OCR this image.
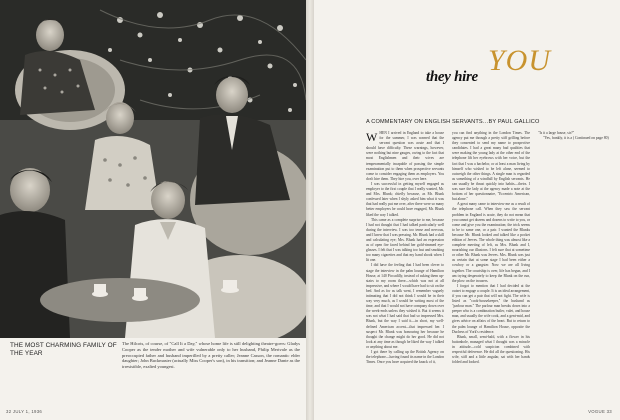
THE MOST CHARMING FAMILY OF THE YEAR
The Hilcots, of course, of "Call It a Day," whose home life is still delighting theatre-goers: Gladys Cooper as the tender mother and wife vulnerable only to her husband, Philip Merivale as the preoccupied father and husband imperilled by a pretty caller; Jeanne Casson, the romantic elder daughter; John Buckmaster (actually Miss Cooper's son), in his transition; and Jeanne Dante as the irresistible, exalted youngest.
32 JULY 1, 1936
they hire YOU
A COMMENTARY ON ENGLISH SERVANTS…BY PAUL GALLICO

WHEN I arrived in England to take a house for the summer, I was warned that the servant question was acute and that I should have difficulty. These warnings, however, were nothing but nine gauges, owing to the fact that most Englishmen and their wives are temperamentally incapable of passing the simple examination put to them when prospective servants come to consider engaging them as employers. You don't hire them. They hire you, over here.

I was successful in getting myself engaged as employer to the first couple that I really wanted, Mr. and Mrs. Blunk; chiefly because, as Mr. Blunk confessed later when I shyly asked him what it was that had really put me over, after there were so many better employers he could have engaged, Mr. Blunk liked the way I talked.

This came as a complete surprise to me, because I had not thought that I had talked particularly well during the interview. I was too tense and nervous, and I knew that I was pressing. Mr. Blunk had a skill and calculating eye; Mrs. Blunk had an expression as of open fire faced behind her gold-rimmed eye-glasses. I felt that I was talking too fast and smoking too many cigarettes and that my hand shook when I lit one.

I did have the feeling that I had been clever to stage the interview in the palm lounge of Hamilton House, at 140 Piccadilly, instead of asking them up-stairs to my room there—which was not at all impressive, and where I would have had to sit on the bed. And as for as talk went, I remember vaguely intimating that I did not think I would be in their way very much, as I would be writing most of the time, and that I would not have company down over the week-ends unless they wished it. But it seems it was not what I had said that had so impressed Mrs. Blunk, but the way I said it—in short, my well-defined American accent—that impressed her. I suspect Mr. Blunk was honouring her because he thought the change might do her good. He did not look at any time as though he liked the way I talked or anything about me.

I got there by calling up the British Agency on the telephone—having found its name in the London Times. Once you have acquired the knack of it,

you can find anything in the London Times. The agency put me through a pretty stiff grilling before they consented to send my name to prospective candidates. I had a great many bad qualities that were making the young lady at the other end of the telephone lift her eyebrows with her voice, but the fact that I was a bachelor, or at least a man living by himself who wished to be left alone, seemed to outweigh the other things. A single man is regarded as something of a windfall by English servants. He can usually be thrust quickly into habits—theirs. I was sure the lady at the agency made a note at the bottom of her questionnaire, "Eccentric American, but alone."

A great many came to interview me as a result of the telephone call. When they saw the servant problem in England is acute, they do not mean that you cannot get dozens and dozens to write to you, or come and give you the examination; the trick seems to be to same one, or a pair. I wanted the Blunks because Mr. Blunk looked and talked like a pocket edition of Jeeves. The whole thing was almost like a complete meeting of left, as Mrs. Blunk and I, nourishing our illusions. I felt sure that at sometime or other Mr. Blunk was Jeeves. Mrs. Blunk was just as certain that at some stage I had been either a cowboy or a gangster. Now we are all living together. The courtship is over, life has begun, and I am trying desperately to keep the Blunk on the run, the plow on the trousers.

I forgot to mention that I had decided at the outset to engage a couple. It is an ideal arrangement, if you can get a pair that will not fight. The wife is listed as "cook-housekeeper," the husband as "parlour man." The parlour man breaks down into a peeper who is a combination butler, valet, and house man, and usually the wife cook, and a gent-mid, and gives advice on affairs of the heart. But to return to the palm lounge of Hamilton House, opposite the Duchess of York's residence.

Blunk, small, semi-bald, with a flower in his buttonhole, managed what I thought was a miracle in attitude—cold suspicion combined with respectful deference. He did all the questioning. His wife, stiff and a little angular, sat with her hands folded and looked.

"Is it a large house, sir?"

"Yes, frankly, it is a ( Continued on page 80)

VOGUE 33
